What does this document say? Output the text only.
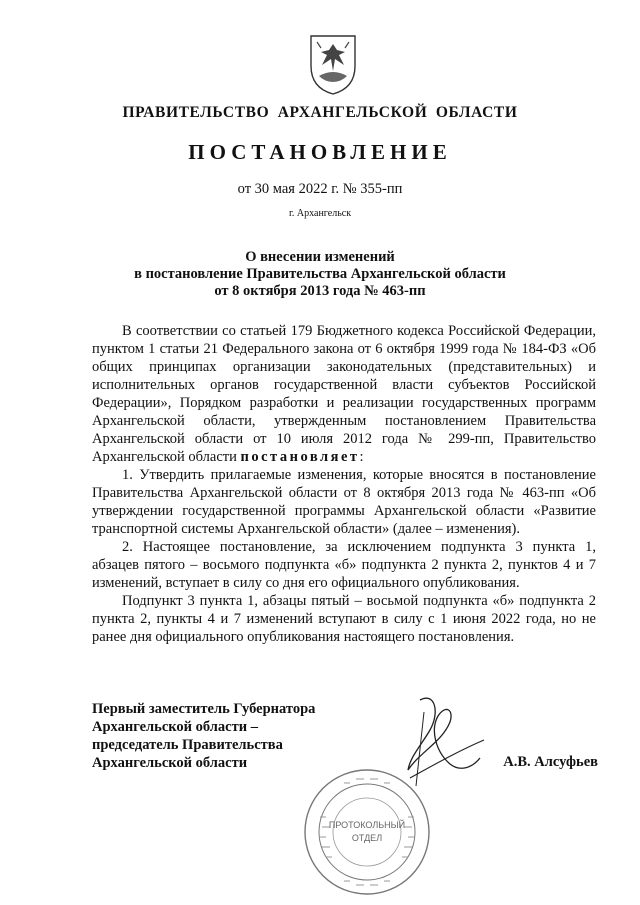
ПРАВИТЕЛЬСТВО АРХАНГЕЛЬСКОЙ ОБЛАСТИ
ПОСТАНОВЛЕНИЕ
от 30 мая 2022 г. № 355-пп
г. Архангельск
О внесении изменений
в постановление Правительства Архангельской области
от 8 октября 2013 года № 463-пп

В соответствии со статьей 179 Бюджетного кодекса Российской Федерации, пунктом 1 статьи 21 Федерального закона от 6 октября 1999 года № 184-ФЗ «Об общих принципах организации законодательных (представительных) и исполнительных органов государственной власти субъектов Российской Федерации», Порядком разработки и реализации государственных программ Архангельской области, утвержденным постановлением Правительства Архангельской области от 10 июля 2012 года № 299-пп, Правительство Архангельской области постановляет:

1. Утвердить прилагаемые изменения, которые вносятся в постановление Правительства Архангельской области от 8 октября 2013 года № 463-пп «Об утверждении государственной программы Архангельской области «Развитие транспортной системы Архангельской области» (далее – изменения).

2. Настоящее постановление, за исключением подпункта 3 пункта 1, абзацев пятого – восьмого подпункта «б» подпункта 2 пункта 2, пунктов 4 и 7 изменений, вступает в силу со дня его официального опубликования.

Подпункт 3 пункта 1, абзацы пятый – восьмой подпункта «б» подпункта 2 пункта 2, пункты 4 и 7 изменений вступают в силу с 1 июня 2022 года, но не ранее дня официального опубликования настоящего постановления.

Первый заместитель Губернатора
Архангельской области –
председатель Правительства
Архангельской области	А.В. Алсуфьев
ПРОТОКОЛЬНЫЙ
ОТДЕЛ
